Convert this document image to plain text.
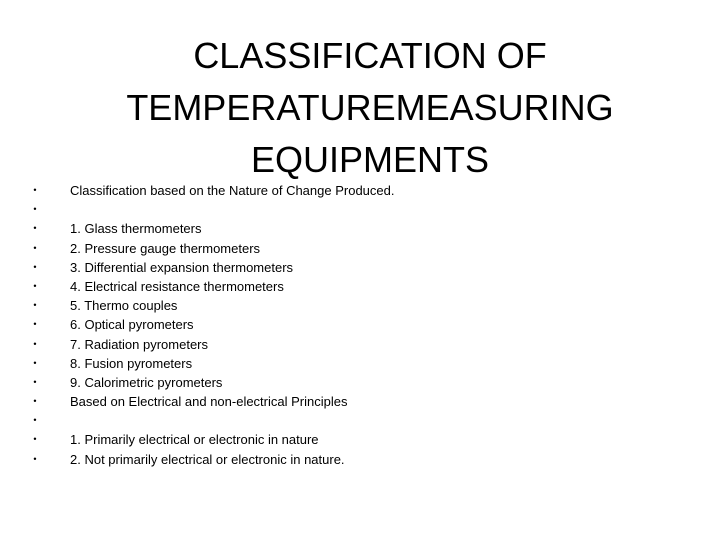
CLASSIFICATION OF
TEMPERATUREMEASURING
EQUIPMENTS
•	Classification based on the Nature of Change Produced.
•
•	1. Glass thermometers
•	2. Pressure gauge thermometers
•	3. Differential expansion thermometers
•	4. Electrical resistance thermometers
•	5. Thermo couples
•	6. Optical pyrometers
•	7. Radiation pyrometers
•	8. Fusion pyrometers
•	9. Calorimetric pyrometers
•	Based on Electrical and non-electrical Principles
•
•	1. Primarily electrical or electronic in nature
•	2. Not primarily electrical or electronic in nature.
